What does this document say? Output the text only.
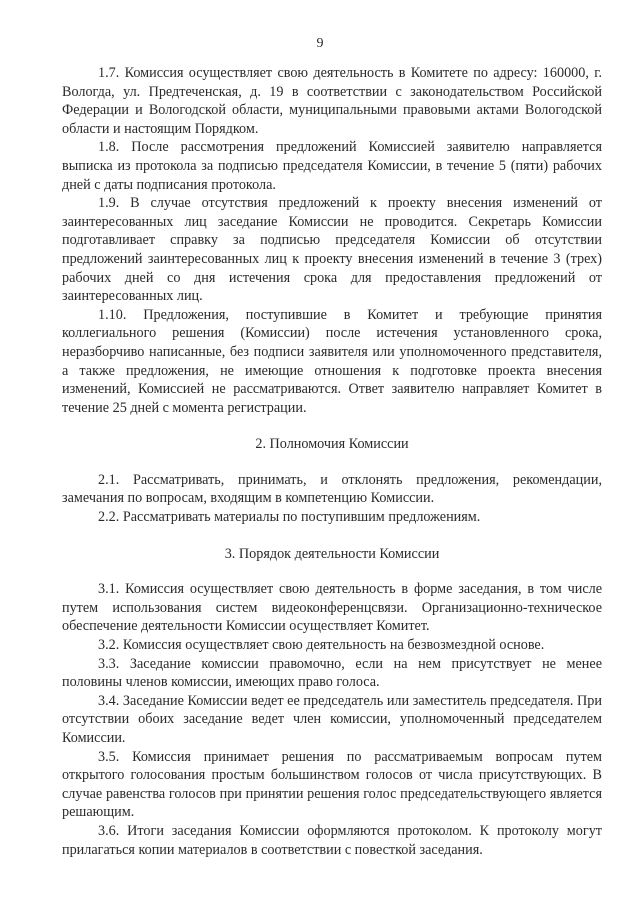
9

1.7. Комиссия осуществляет свою деятельность в Комитете по адресу: 160000, г. Вологда, ул. Предтеченская, д. 19 в соответствии с законодательством Российской Федерации и Вологодской области, муниципальными правовыми актами Вологодской области и настоящим Порядком.

1.8. После рассмотрения предложений Комиссией заявителю направляется выписка из протокола за подписью председателя Комиссии, в течение 5 (пяти) рабочих дней с даты подписания протокола.

1.9. В случае отсутствия предложений к проекту внесения изменений от заинтересованных лиц заседание Комиссии не проводится. Секретарь Комиссии подготавливает справку за подписью председателя Комиссии об отсутствии предложений заинтересованных лиц к проекту внесения изменений в течение 3 (трех) рабочих дней со дня истечения срока для предоставления предложений от заинтересованных лиц.

1.10. Предложения, поступившие в Комитет и требующие принятия коллегиального решения (Комиссии) после истечения установленного срока, неразборчиво написанные, без подписи заявителя или уполномоченного представителя, а также предложения, не имеющие отношения к подготовке проекта внесения изменений, Комиссией не рассматриваются. Ответ заявителю направляет Комитет в течение 25 дней с момента регистрации.

2. Полномочия Комиссии

2.1. Рассматривать, принимать, и отклонять предложения, рекомендации, замечания по вопросам, входящим в компетенцию Комиссии.

2.2. Рассматривать материалы по поступившим предложениям.

3. Порядок деятельности Комиссии

3.1. Комиссия осуществляет свою деятельность в форме заседания, в том числе путем использования систем видеоконференцсвязи. Организационно-техническое обеспечение деятельности Комиссии осуществляет Комитет.

3.2. Комиссия осуществляет свою деятельность на безвозмездной основе.

3.3. Заседание комиссии правомочно, если на нем присутствует не менее половины членов комиссии, имеющих право голоса.

3.4. Заседание Комиссии ведет ее председатель или заместитель председателя. При отсутствии обоих заседание ведет член комиссии, уполномоченный председателем Комиссии.

3.5. Комиссия принимает решения по рассматриваемым вопросам путем открытого голосования простым большинством голосов от числа присутствующих. В случае равенства голосов при принятии решения голос председательствующего является решающим.

3.6. Итоги заседания Комиссии оформляются протоколом. К протоколу могут прилагаться копии материалов в соответствии с повесткой заседания.
